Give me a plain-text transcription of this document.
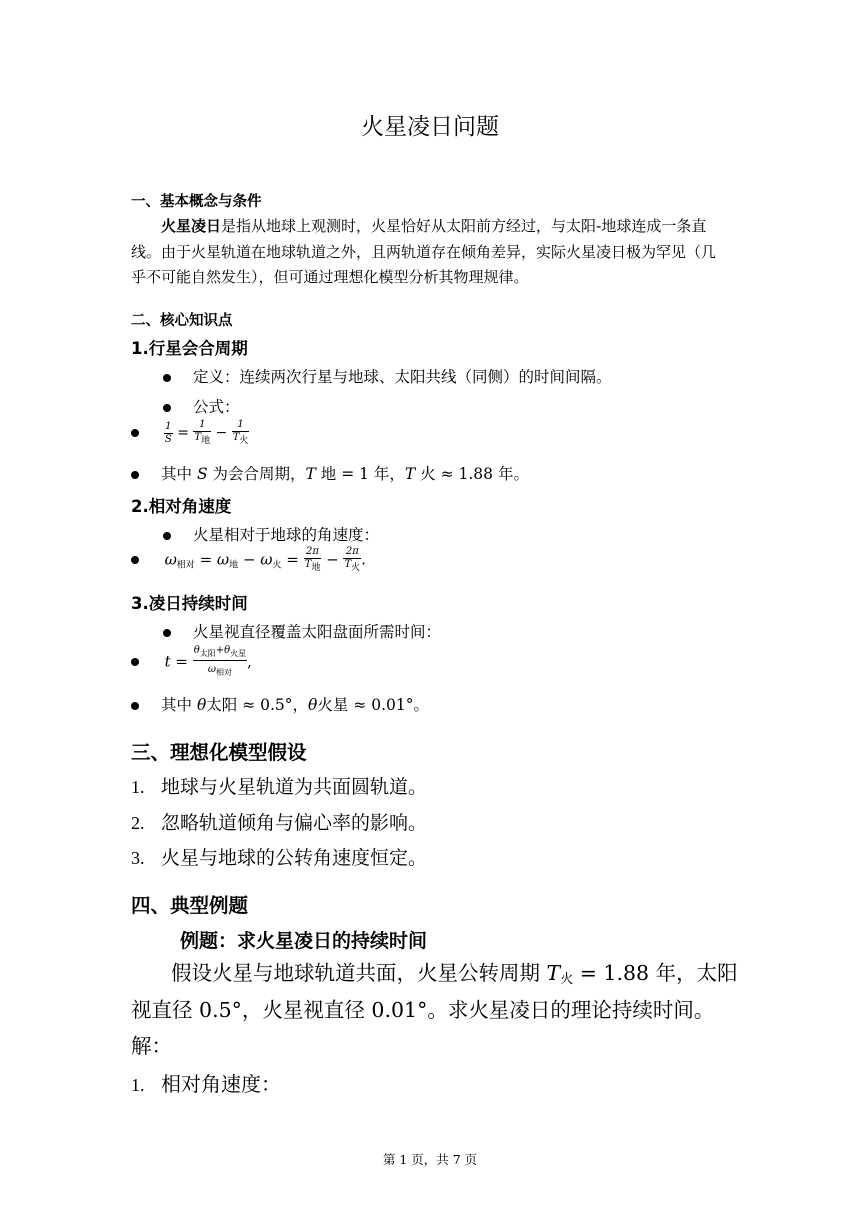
火星凌日问题
一、基本概念与条件
火星凌日是指从地球上观测时，火星恰好从太阳前方经过，与太阳-地球连成一条直
线。由于火星轨道在地球轨道之外，且两轨道存在倾角差异，实际火星凌日极为罕见（几
乎不可能自然发生），但可通过理想化模型分析其物理规律。
二、核心知识点
1.行星会合周期
定义：连续两次行星与地球、太阳共线（同侧）的时间间隔。
公式：

$\frac{1}{S} = \frac{1}{\text{T地}} - \frac{1}{\text{T火}}$
其中 S 为会合周期，T 地 = 1 年，T 火 ≈ 1.88 年。
2.相对角速度
火星相对于地球的角速度：
$\omega_{相对} = \omega_地 - \omega_火 = \frac{2\pi}{\text{T地}} - \frac{2\pi}{\text{T火}}$ .
3.凌日持续时间
火星视直径覆盖太阳盘面所需时间：
$t = \frac{\theta_{太阳}+\theta_{火星}}{\omega_{相对}}$ ,
其中 θ太阳 ≈ 0.5°，θ火星 ≈ 0.01°。
三、理想化模型假设
1. 地球与火星轨道为共面圆轨道。
2. 忽略轨道倾角与偏心率的影响。
3. 火星与地球的公转角速度恒定。
四、典型例题
例题：求火星凌日的持续时间
假设火星与地球轨道共面，火星公转周期 $T_火 = 1.88$ 年，太阳
视直径 0.5°，火星视直径 0.01°。求火星凌日的理论持续时间。
解：
1. 相对角速度：
第 1 页，共 7 页
